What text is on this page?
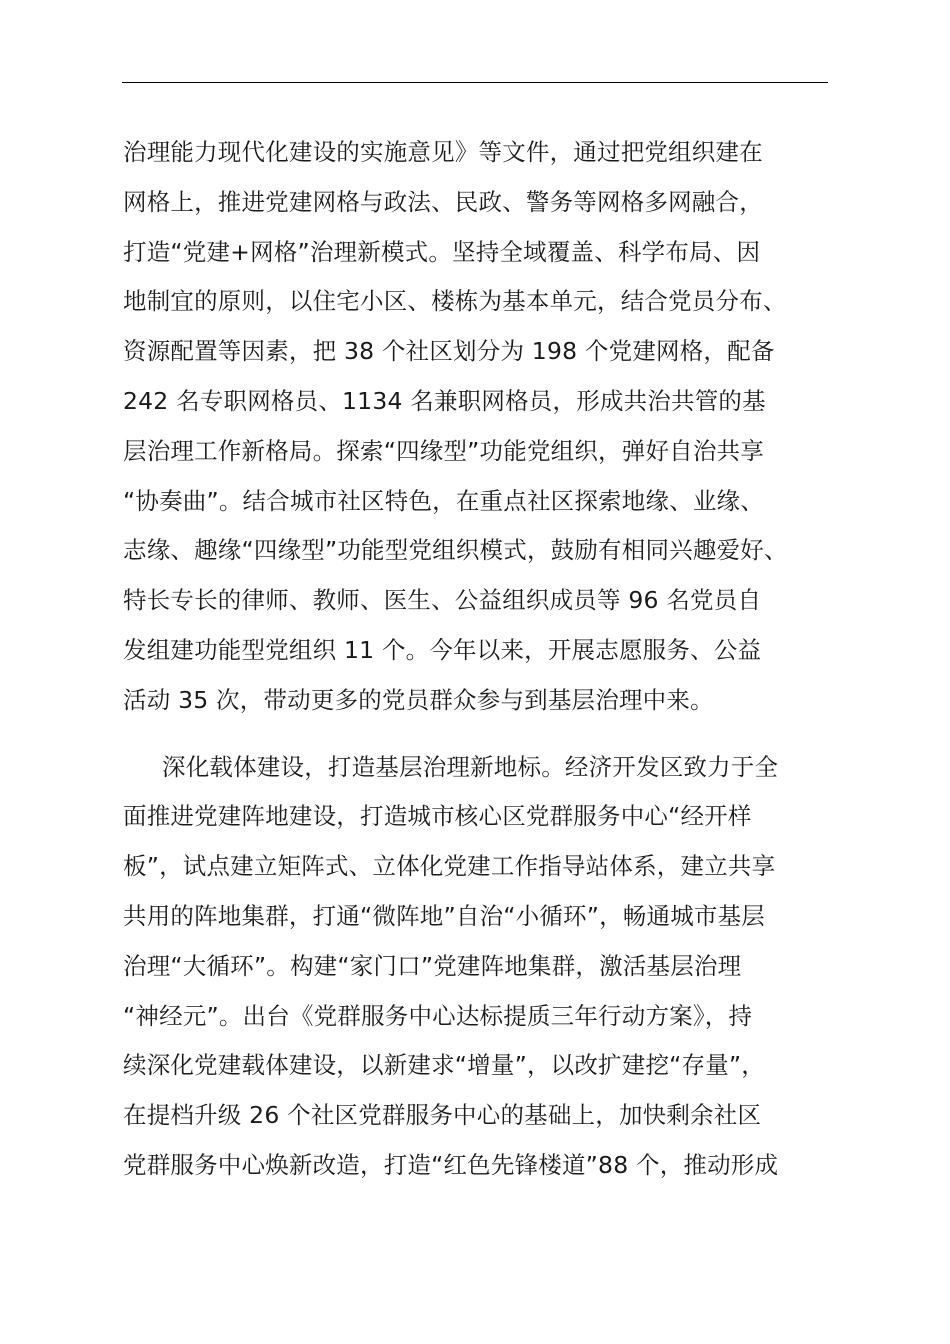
治理能力现代化建设的实施意见》等文件，通过把党组织建在
网格上，推进党建网格与政法、民政、警务等网格多网融合，
打造“党建+网格”治理新模式。坚持全域覆盖、科学布局、因
地制宜的原则，以住宅小区、楼栋为基本单元，结合党员分布、
资源配置等因素，把 38 个社区划分为 198 个党建网格，配备
242 名专职网格员、1134 名兼职网格员，形成共治共管的基
层治理工作新格局。探索“四缘型”功能党组织，弹好自治共享
“协奏曲”。结合城市社区特色，在重点社区探索地缘、业缘、
志缘、趣缘“四缘型”功能型党组织模式，鼓励有相同兴趣爱好、
特长专长的律师、教师、医生、公益组织成员等 96 名党员自
发组建功能型党组织 11 个。今年以来，开展志愿服务、公益
活动 35 次，带动更多的党员群众参与到基层治理中来。
深化载体建设，打造基层治理新地标。经济开发区致力于全
面推进党建阵地建设，打造城市核心区党群服务中心“经开样
板”，试点建立矩阵式、立体化党建工作指导站体系，建立共享
共用的阵地集群，打通“微阵地”自治“小循环”，畅通城市基层
治理“大循环”。构建“家门口”党建阵地集群，激活基层治理
“神经元”。出台《党群服务中心达标提质三年行动方案》，持
续深化党建载体建设，以新建求“增量”，以改扩建挖“存量”，
在提档升级 26 个社区党群服务中心的基础上，加快剩余社区
党群服务中心焕新改造，打造“红色先锋楼道”88 个，推动形成
